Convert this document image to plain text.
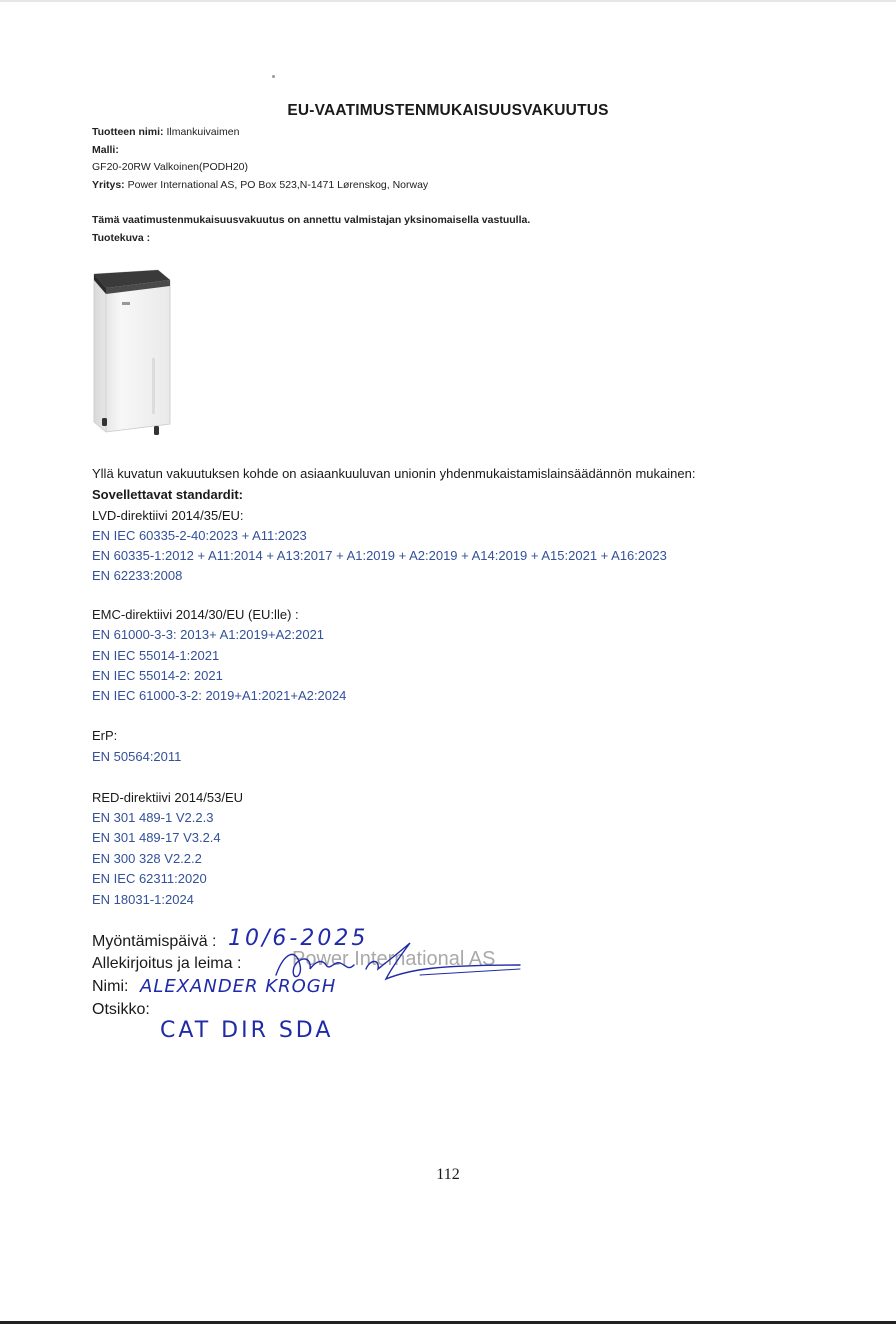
EU-VAATIMUSTENMUKAISUUSVAKUUTUS
Tuotteen nimi: Ilmankuivaimen
Malli:
GF20-20RW Valkoinen(PODH20)
Yritys: Power International AS, PO Box 523,N-1471 Lørenskog, Norway
Tämä vaatimustenmukaisuusvakuutus on annettu valmistajan yksinomaisella vastuulla.
Tuotekuva :
Yllä kuvatun vakuutuksen kohde on asiaankuuluvan unionin yhdenmukaistamislainsäädännön mukainen:
Sovellettavat standardit:
LVD-direktiivi 2014/35/EU:
EN IEC 60335-2-40:2023 + A11:2023
EN 60335-1:2012 + A11:2014 + A13:2017 + A1:2019 + A2:2019 + A14:2019 + A15:2021 + A16:2023
EN 62233:2008
EMC-direktiivi 2014/30/EU (EU:lle) :
EN 61000-3-3: 2013+ A1:2019+A2:2021
EN IEC 55014-1:2021
EN IEC 55014-2: 2021
EN IEC 61000-3-2: 2019+A1:2021+A2:2024
ErP:
EN 50564:2011
RED-direktiivi 2014/53/EU
EN 301 489-1 V2.2.3
EN 301 489-17 V3.2.4
EN 300 328 V2.2.2
EN IEC 62311:2020
EN 18031-1:2024
Myöntämispäivä : 10/6-2025
Allekirjoitus ja leima :	Power International AS
Nimi: ALEXANDER KROGH
Otsikko:
CAT DIR SDA
112
